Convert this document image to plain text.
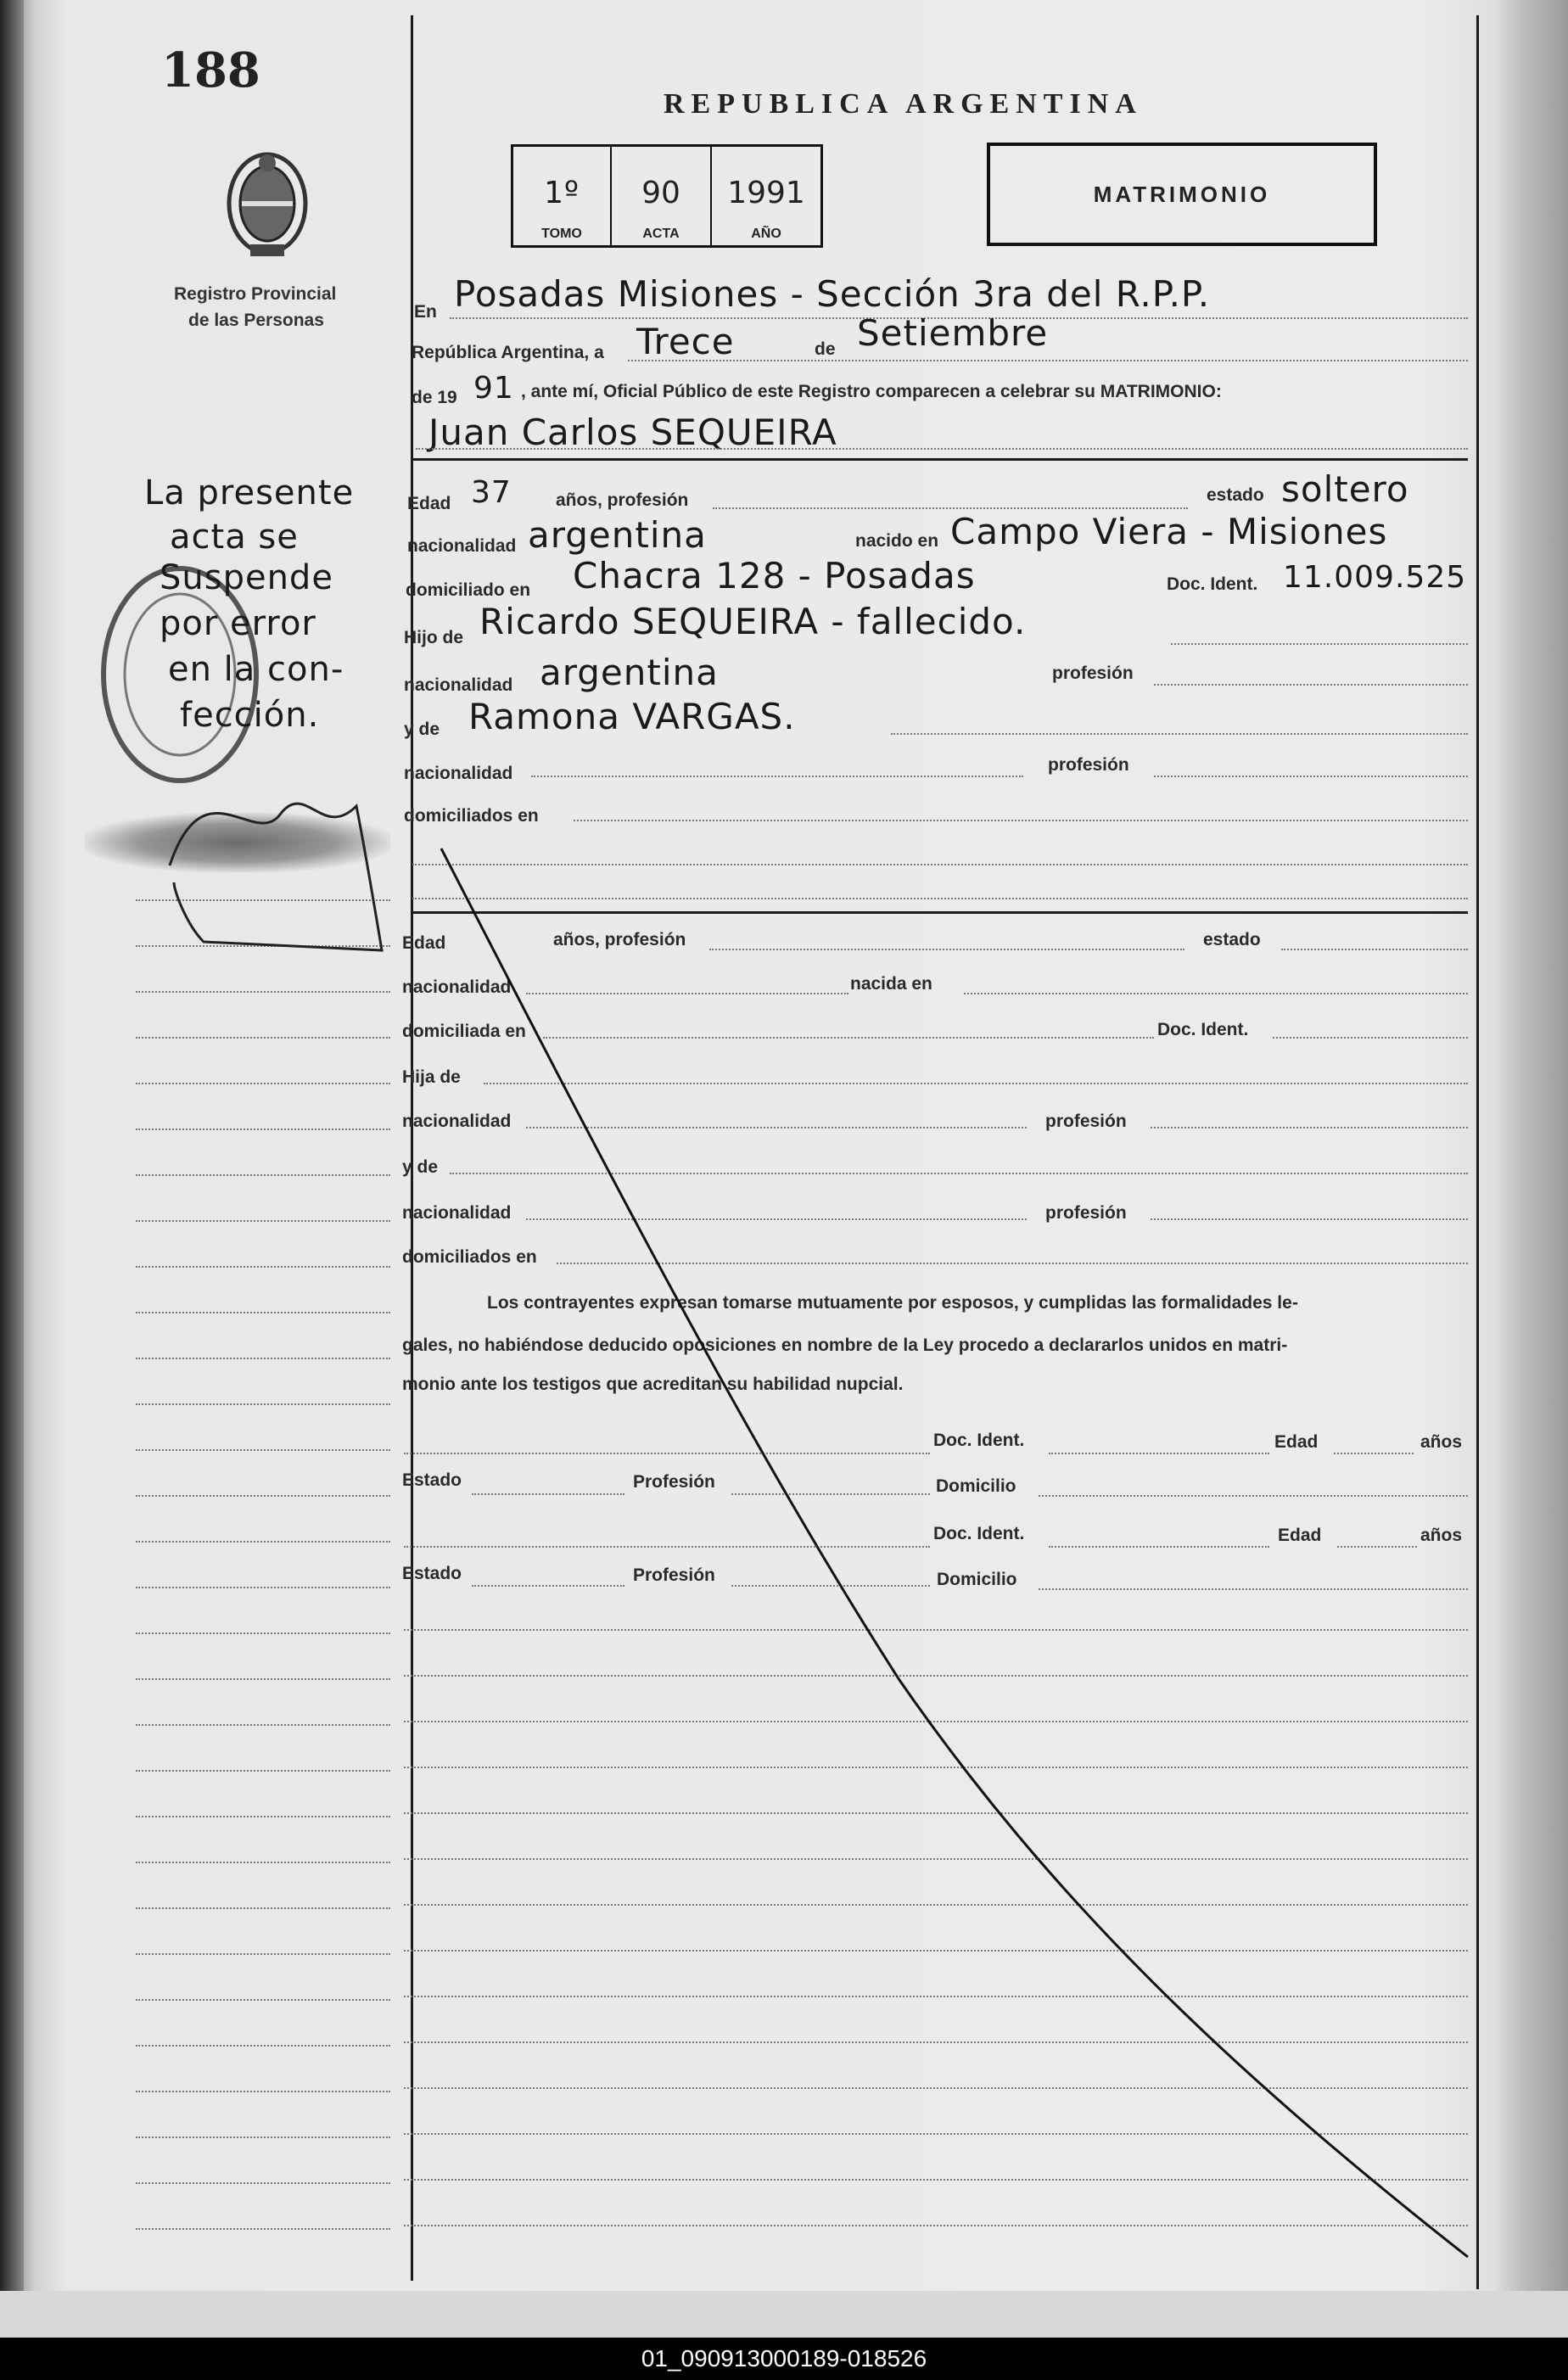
188
Registro Provincial
de las Personas
REPUBLICA ARGENTINA
1º
TOMO
90
ACTA
1991
AÑO
MATRIMONIO
En Posadas Misiones - Sección 3ra del R.P.P.
República Argentina, a Trece	de Setiembre
de 19 91 , ante mí, Oficial Público de este Registro comparecen a celebrar su MATRIMONIO:
Juan Carlos SEQUEIRA
Edad 37 años, profesión	estado soltero
nacionalidad argentina	nacido en Campo Viera - Misiones
domiciliado en Chacra 128 - Posadas	Doc. Ident. 11.009.525
Hijo de Ricardo SEQUEIRA - fallecido.
nacionalidad argentina	profesión
y de Ramona VARGAS.
nacionalidad	profesión
domiciliados en
Edad	años, profesión	estado
nacionalidad	nacida en
domiciliada en	Doc. Ident.
Hija de
nacionalidad	profesión
y de
nacionalidad	profesión
domiciliados en
Los contrayentes expresan tomarse mutuamente por esposos, y cumplidas las formalidades le-
gales, no habiéndose deducido oposiciones en nombre de la Ley procedo a declararlos unidos en matri-
monio ante los testigos que acreditan su habilidad nupcial.
Doc. Ident.	Edad	años
Estado	Profesión	Domicilio
Doc. Ident.	Edad	años
Estado	Profesión	Domicilio
La presente
acta se
Suspende
por error
en la con-
fección.
01_090913000189-018526
